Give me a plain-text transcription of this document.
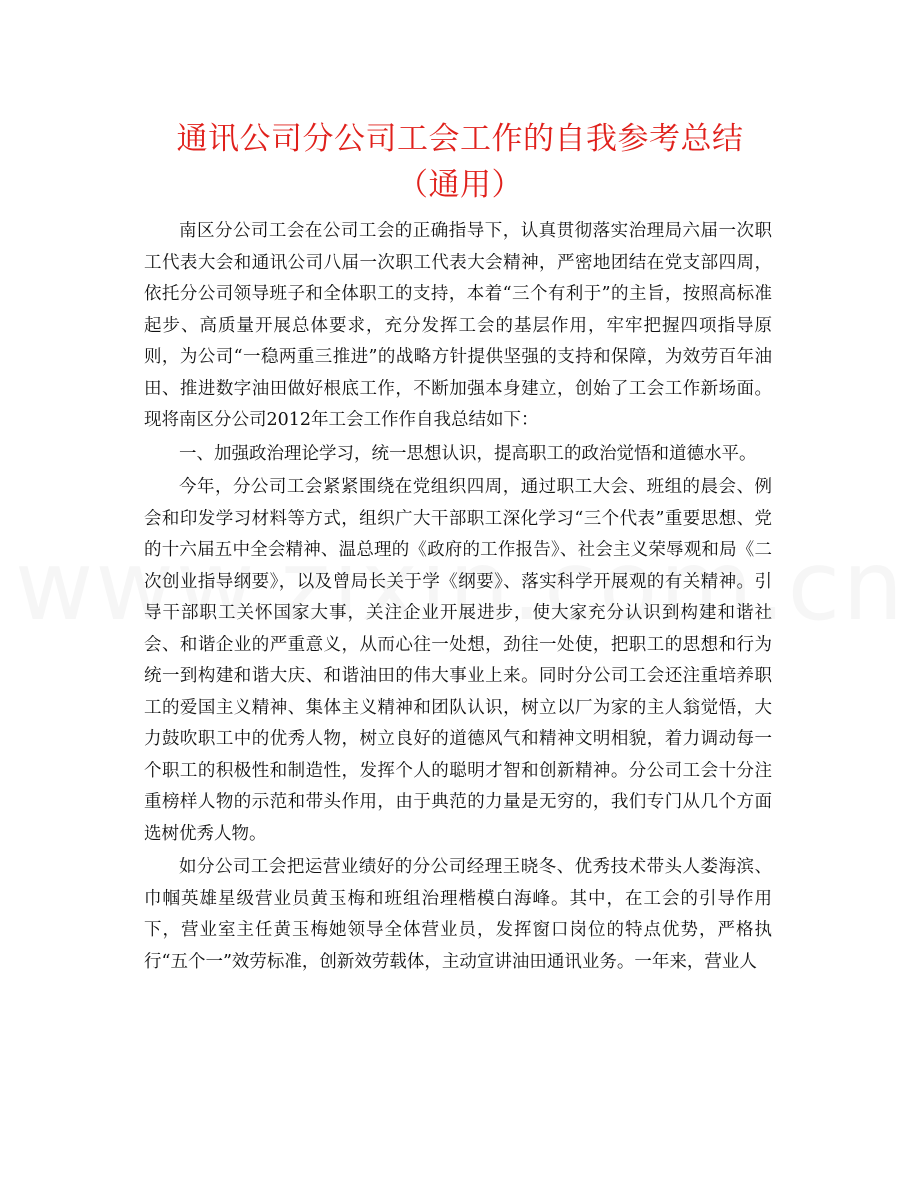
通讯公司分公司工会工作的自我参考总结（通用）

南区分公司工会在公司工会的正确指导下，认真贯彻落实治理局六届一次职工代表大会和通讯公司八届一次职工代表大会精神，严密地团结在党支部四周，依托分公司领导班子和全体职工的支持，本着“三个有利于”的主旨，按照高标准起步、高质量开展总体要求，充分发挥工会的基层作用，牢牢把握四项指导原则，为公司“一稳两重三推进”的战略方针提供坚强的支持和保障，为效劳百年油田、推进数字油田做好根底工作，不断加强本身建立，创始了工会工作新场面。现将南区分公司2012年工会工作作自我总结如下：

一、加强政治理论学习，统一思想认识，提高职工的政治觉悟和道德水平。

今年，分公司工会紧紧围绕在党组织四周，通过职工大会、班组的晨会、例会和印发学习材料等方式，组织广大干部职工深化学习“三个代表”重要思想、党的十六届五中全会精神、温总理的《政府的工作报告》、社会主义荣辱观和局《二次创业指导纲要》，以及曾局长关于学《纲要》、落实科学开展观的有关精神。引导干部职工关怀国家大事，关注企业开展进步，使大家充分认识到构建和谐社会、和谐企业的严重意义，从而心往一处想，劲往一处使，把职工的思想和行为统一到构建和谐大庆、和谐油田的伟大事业上来。同时分公司工会还注重培养职工的爱国主义精神、集体主义精神和团队认识，树立以厂为家的主人翁觉悟，大力鼓吹职工中的优秀人物，树立良好的道德风气和精神文明相貌，着力调动每一个职工的积极性和制造性，发挥个人的聪明才智和创新精神。分公司工会十分注重榜样人物的示范和带头作用，由于典范的力量是无穷的，我们专门从几个方面选树优秀人物。

如分公司工会把运营业绩好的分公司经理王晓冬、优秀技术带头人娄海滨、巾帼英雄星级营业员黄玉梅和班组治理楷模白海峰。其中，在工会的引导作用下，营业室主任黄玉梅她领导全体营业员，发挥窗口岗位的特点优势，严格执行“五个一”效劳标准，创新效劳载体，主动宣讲油田通讯业务。一年来，营业人
